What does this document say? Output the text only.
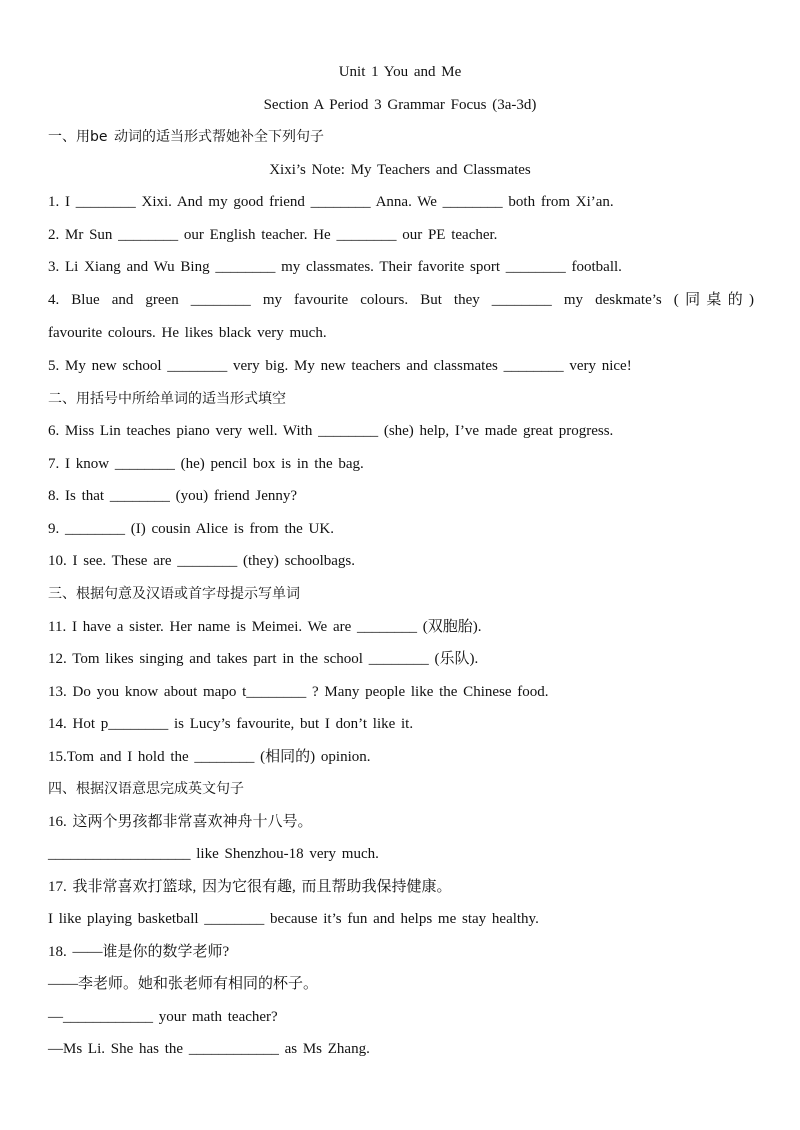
Unit 1 You and Me
Section A Period 3 Grammar Focus (3a-3d)
一、用be 动词的适当形式帮她补全下列句子
Xixi’s Note: My Teachers and Classmates
1. I ________ Xixi. And my good friend ________ Anna. We ________ both from Xi’an.
2. Mr Sun ________ our English teacher. He ________ our PE teacher.
3. Li Xiang and Wu Bing ________ my classmates. Their favorite sport ________ football.
4. Blue and green ________ my favourite colours. But they ________ my deskmate’s (同桌的)
favourite colours. He likes black very much.
5. My new school ________ very big. My new teachers and classmates ________ very nice!
二、用括号中所给单词的适当形式填空
6. Miss Lin teaches piano very well. With ________ (she) help, I’ve made great progress.
7. I know ________ (he) pencil box is in the bag.
8. Is that ________ (you) friend Jenny?
9. ________ (I) cousin Alice is from the UK.
10. I see. These are ________ (they) schoolbags.
三、根据句意及汉语或首字母提示写单词
11. I have a sister. Her name is Meimei. We are ________ (双胞胎).
12. Tom likes singing and takes part in the school ________ (乐队).
13. Do you know about mapo t________ ? Many people like the Chinese food.
14. Hot p________ is Lucy’s favourite, but I don’t like it.
15.Tom and I hold the ________ (相同的) opinion.
四、根据汉语意思完成英文句子
16. 这两个男孩都非常喜欢神舟十八号。
___________________ like Shenzhou-18 very much.
17. 我非常喜欢打篮球, 因为它很有趣, 而且帮助我保持健康。
I like playing basketball ________ because it’s fun and helps me stay healthy.
18. ——谁是你的数学老师?
——李老师。她和张老师有相同的杯子。
—____________ your math teacher?
—Ms Li. She has the ____________ as Ms Zhang.
